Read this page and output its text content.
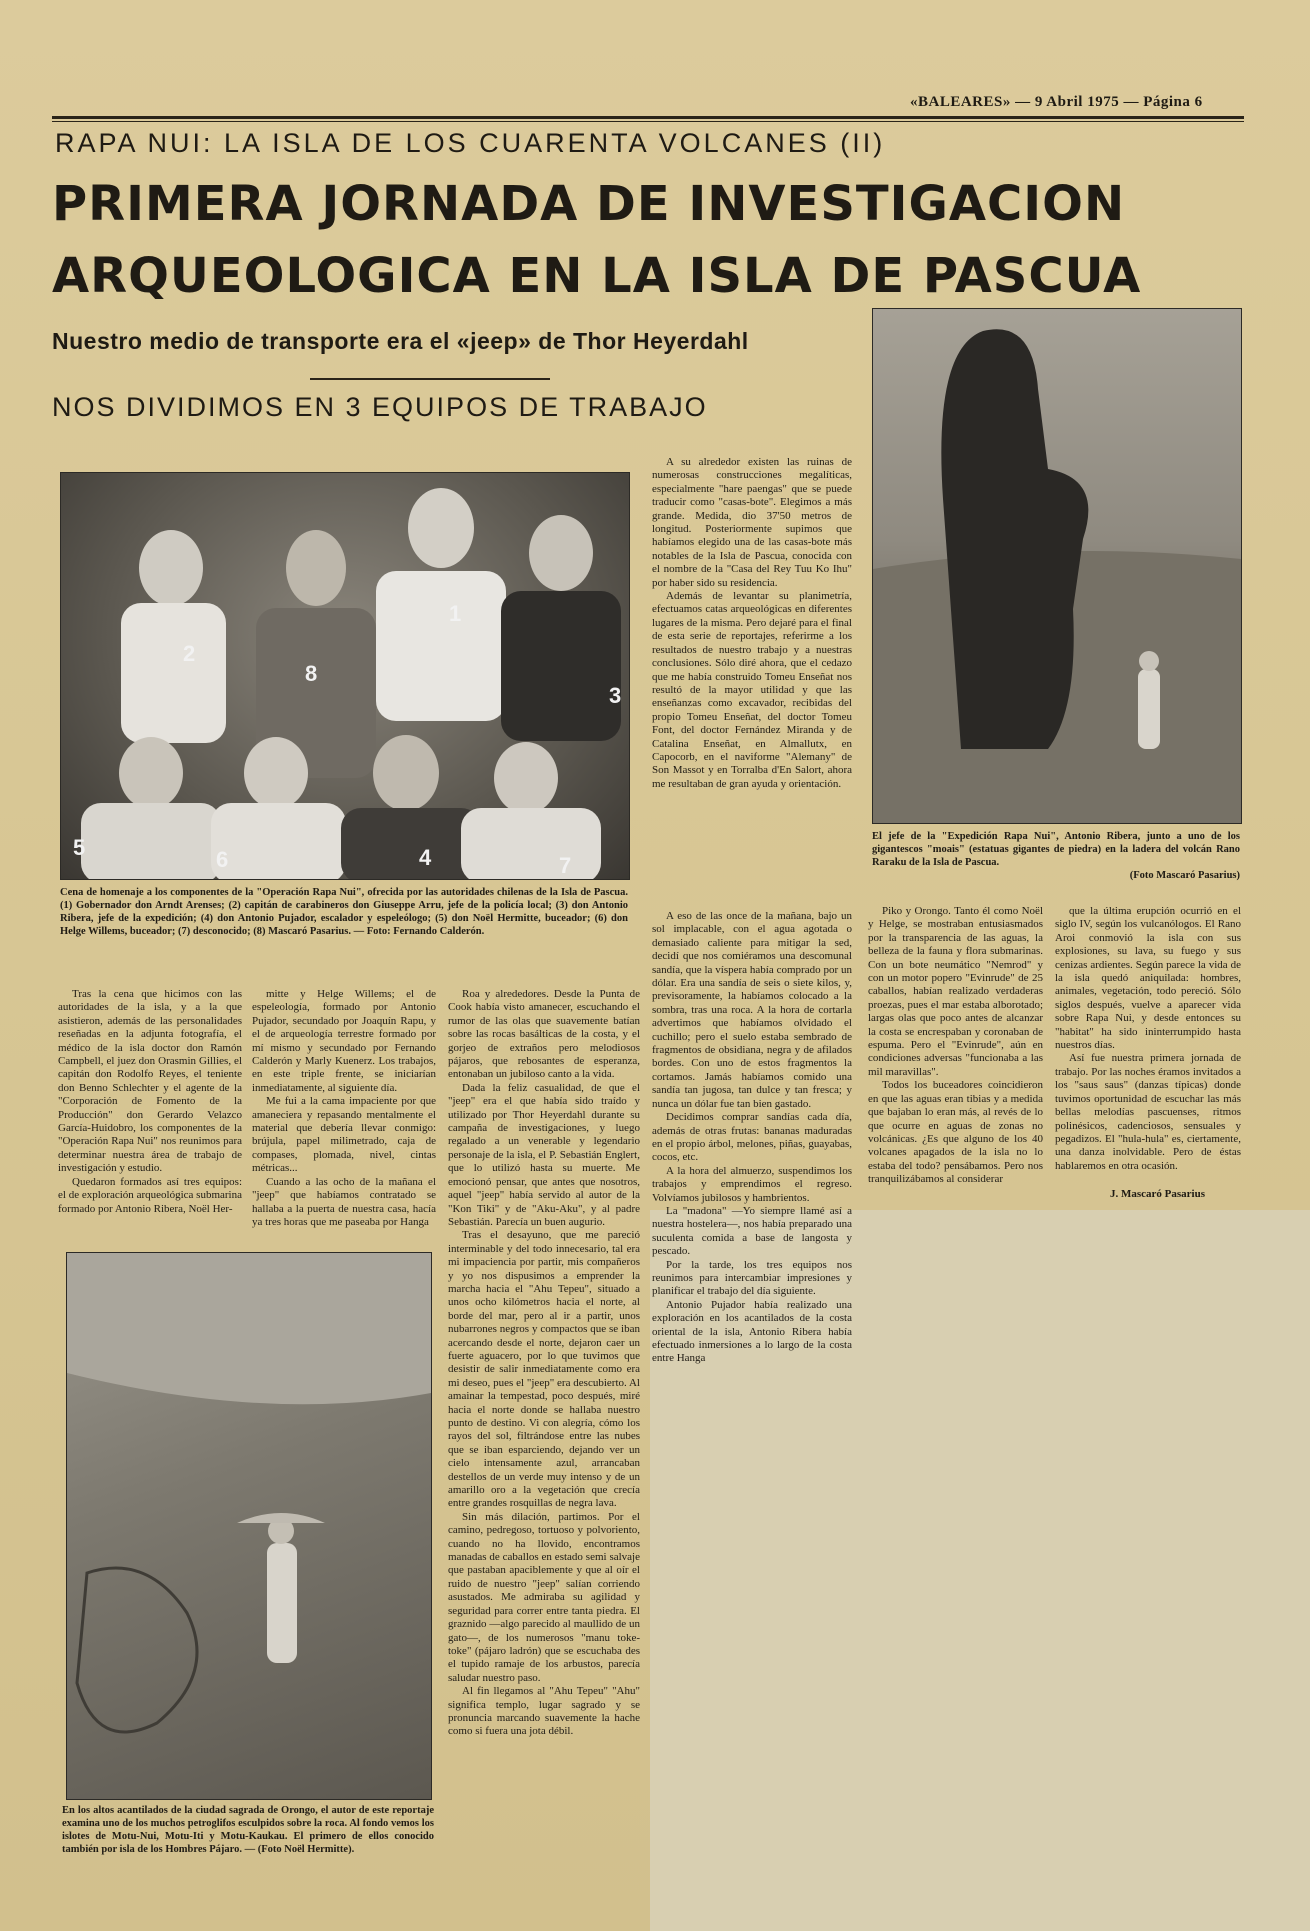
«BALEARES» — 9 Abril 1975 — Página 6
RAPA NUI: LA ISLA DE LOS CUARENTA VOLCANES (II)
PRIMERA JORNADA DE INVESTIGACION
ARQUEOLOGICA EN LA ISLA DE PASCUA
Nuestro medio de transporte era el «jeep» de Thor Heyerdahl
NOS DIVIDIMOS EN 3 EQUIPOS DE TRABAJO
1
2
3
4
5	6	7
8
Cena de homenaje a los componentes de la "Operación Rapa Nui", ofrecida por las autoridades chilenas de la Isla de Pascua. (1) Gobernador don Arndt Arenses; (2) capitán de carabineros don Giuseppe Arru, jefe de la policía local; (3) don Antonio Ribera, jefe de la expedición; (4) don Antonio Pujador, escalador y espeleólogo; (5) don Noël Hermitte, buceador; (6) don Helge Willems, buceador; (7) desconocido; (8) Mascaró Pasarius. — Foto: Fernando Calderón.
El jefe de la "Expedición Rapa Nui", Antonio Ribera, junto a uno de los gigantescos "moais" (estatuas gigantes de piedra) en la ladera del volcán Rano Raraku de la Isla de Pascua.
(Foto Mascaró Pasarius)

A su alrededor existen las ruinas de numerosas construcciones megalíticas, especialmente "hare paengas" que se puede traducir como "casas-bote". Elegimos a más grande. Medida, dio 37'50 metros de longitud. Posteriormente supimos que habíamos elegido una de las casas-bote más notables de la Isla de Pascua, conocida con el nombre de la "Casa del Rey Tuu Ko Ihu" por haber sido su residencia.

Además de levantar su planimetría, efectuamos catas arqueológicas en diferentes lugares de la misma. Pero dejaré para el final de esta serie de reportajes, referirme a los resultados de nuestro trabajo y a nuestras conclusiones. Sólo diré ahora, que el cedazo que me había construido Tomeu Enseñat nos resultó de la mayor utilidad y que las enseñanzas como excavador, recibidas del propio Tomeu Enseñat, del doctor Tomeu Font, del doctor Fernández Miranda y de Catalina Enseñat, en Almallutx, en Capocorb, en el naviforme "Alemany" de Son Massot y en Torralba d'En Salort, ahora me resultaban de gran ayuda y orientación.

A eso de las once de la mañana, bajo un sol implacable, con el agua agotada o demasiado caliente para mitigar la sed, decidí que nos comiéramos una descomunal sandía, que la víspera había comprado por un dólar. Era una sandía de seis o siete kilos, y, previsoramente, la habíamos colocado a la sombra, tras una roca. A la hora de cortarla advertimos que habíamos olvidado el cuchillo; pero el suelo estaba sembrado de fragmentos de obsidiana, negra y de afilados bordes. Con uno de estos fragmentos la cortamos. Jamás habíamos comido una sandía tan jugosa, tan dulce y tan fresca; y nunca un dólar fue tan bien gastado.

Decidimos comprar sandías cada día, además de otras frutas: bananas maduradas en el propio árbol, melones, piñas, guayabas, cocos, etc.

A la hora del almuerzo, suspendimos los trabajos y emprendimos el regreso. Volvíamos jubilosos y hambrientos.

La "madona" —Yo siempre llamé así a nuestra hostelera—, nos había preparado una suculenta comida a base de langosta y pescado.

Por la tarde, los tres equipos nos reunimos para intercambiar impresiones y planificar el trabajo del día siguiente.

Antonio Pujador había realizado una exploración en los acantilados de la costa oriental de la isla, Antonio Ribera había efectuado inmersiones a lo largo de la costa entre Hanga

Piko y Orongo. Tanto él como Noël y Helge, se mostraban entusiasmados por la transparencia de las aguas, la belleza de la fauna y flora submarinas. Con un bote neumático "Nemrod" y con un motor popero "Evinrude" de 25 caballos, habían realizado verdaderas proezas, pues el mar estaba alborotado; largas olas que poco antes de alcanzar la costa se encrespaban y coronaban de espuma. Pero el "Evinrude", aún en condiciones adversas "funcionaba a las mil maravillas".

Todos los buceadores coincidieron en que las aguas eran tibias y a medida que bajaban lo eran más, al revés de lo que ocurre en aguas de zonas no volcánicas. ¿Es que alguno de los 40 volcanes apagados de la isla no lo estaba del todo? pensábamos. Pero nos tranquilizábamos al considerar

que la última erupción ocurrió en el siglo IV, según los vulcanólogos. El Rano Aroi conmovió la isla con sus explosiones, su lava, su fuego y sus cenizas ardientes. Según parece la vida de la isla quedó aniquilada: hombres, animales, vegetación, todo pereció. Sólo siglos después, vuelve a aparecer vida sobre Rapa Nui, y desde entonces su "habitat" ha sido ininterrumpido hasta nuestros días.

Así fue nuestra primera jornada de trabajo. Por las noches éramos invitados a los "saus saus" (danzas típicas) donde tuvimos oportunidad de escuchar las más bellas melodías pascuenses, ritmos polinésicos, cadenciosos, sensuales y pegadizos. El "hula-hula" es, ciertamente, una danza inolvidable. Pero de éstas hablaremos en otra ocasión.

J. Mascaró Pasarius

Tras la cena que hicimos con las autoridades de la isla, y a la que asistieron, además de las personalidades reseñadas en la adjunta fotografía, el médico de la isla doctor don Ramón Campbell, el juez don Orasmin Gillies, el capitán don Rodolfo Reyes, el teniente don Benno Schlechter y el agente de la "Corporación de Fomento de la Producción" don Gerardo Velazco García-Huidobro, los componentes de la "Operación Rapa Nui" nos reunimos para determinar nuestra área de trabajo de investigación y estudio.

Quedaron formados así tres equipos: el de exploración arqueológica submarina formado por Antonio Ribera, Noël Her-

mitte y Helge Willems; el de espeleología, formado por Antonio Pujador, secundado por Joaquín Rapu, y el de arqueología terrestre formado por mí mismo y secundado por Fernando Calderón y Marly Kuenerz. Los trabajos, en este triple frente, se iniciarían inmediatamente, al siguiente día.

Me fui a la cama impaciente por que amaneciera y repasando mentalmente el material que debería llevar conmigo: brújula, papel milimetrado, caja de compases, plomada, nivel, cintas métricas...

Cuando a las ocho de la mañana el "jeep" que habíamos contratado se hallaba a la puerta de nuestra casa, hacía ya tres horas que me paseaba por Hanga

Roa y alrededores. Desde la Punta de Cook había visto amanecer, escuchando el rumor de las olas que suavemente batían sobre las rocas basálticas de la costa, y el gorjeo de extraños pero melodiosos pájaros, que rebosantes de esperanza, entonaban un jubiloso canto a la vida.

Dada la feliz casualidad, de que el "jeep" era el que había sido traído y utilizado por Thor Heyerdahl durante su campaña de investigaciones, y luego regalado a un venerable y legendario personaje de la isla, el P. Sebastián Englert, que lo utilizó hasta su muerte. Me emocionó pensar, que antes que nosotros, aquel "jeep" había servido al autor de la "Kon Tiki" y de "Aku-Aku", y al padre Sebastián. Parecía un buen augurio.

Tras el desayuno, que me pareció interminable y del todo innecesario, tal era mi impaciencia por partir, mis compañeros y yo nos dispusimos a emprender la marcha hacia el "Ahu Tepeu", situado a unos ocho kilómetros hacia el norte, al borde del mar, pero al ir a partir, unos nubarrones negros y compactos que se iban acercando desde el norte, dejaron caer un fuerte aguacero, por lo que tuvimos que desistir de salir inmediatamente como era mi deseo, pues el "jeep" era descubierto. Al amainar la tempestad, poco después, miré hacia el norte donde se hallaba nuestro punto de destino. Vi con alegría, cómo los rayos del sol, filtrándose entre las nubes que se iban esparciendo, dejando ver un cielo intensamente azul, arrancaban destellos de un verde muy intenso y de un amarillo oro a la vegetación que crecía entre grandes rosquillas de negra lava.

Sin más dilación, partimos. Por el camino, pedregoso, tortuoso y polvoriento, cuando no ha llovido, encontramos manadas de caballos en estado semi salvaje que pastaban apaciblemente y que al oír el ruido de nuestro "jeep" salían corriendo asustados. Me admiraba su agilidad y seguridad para correr entre tanta piedra. El graznido —algo parecido al maullido de un gato—, de los numerosos "manu toke-toke" (pájaro ladrón) que se escuchaba des el tupido ramaje de los arbustos, parecía saludar nuestro paso.

Al fin llegamos al "Ahu Tepeu" "Ahu" significa templo, lugar sagrado y se pronuncia marcando suavemente la hache como si fuera una jota débil.

En los altos acantilados de la ciudad sagrada de Orongo, el autor de este reportaje examina uno de los muchos petroglifos esculpidos sobre la roca. Al fondo vemos los islotes de Motu-Nui, Motu-Iti y Motu-Kaukau. El primero de ellos conocido también por isla de los Hombres Pájaro. — (Foto Noël Hermitte).
